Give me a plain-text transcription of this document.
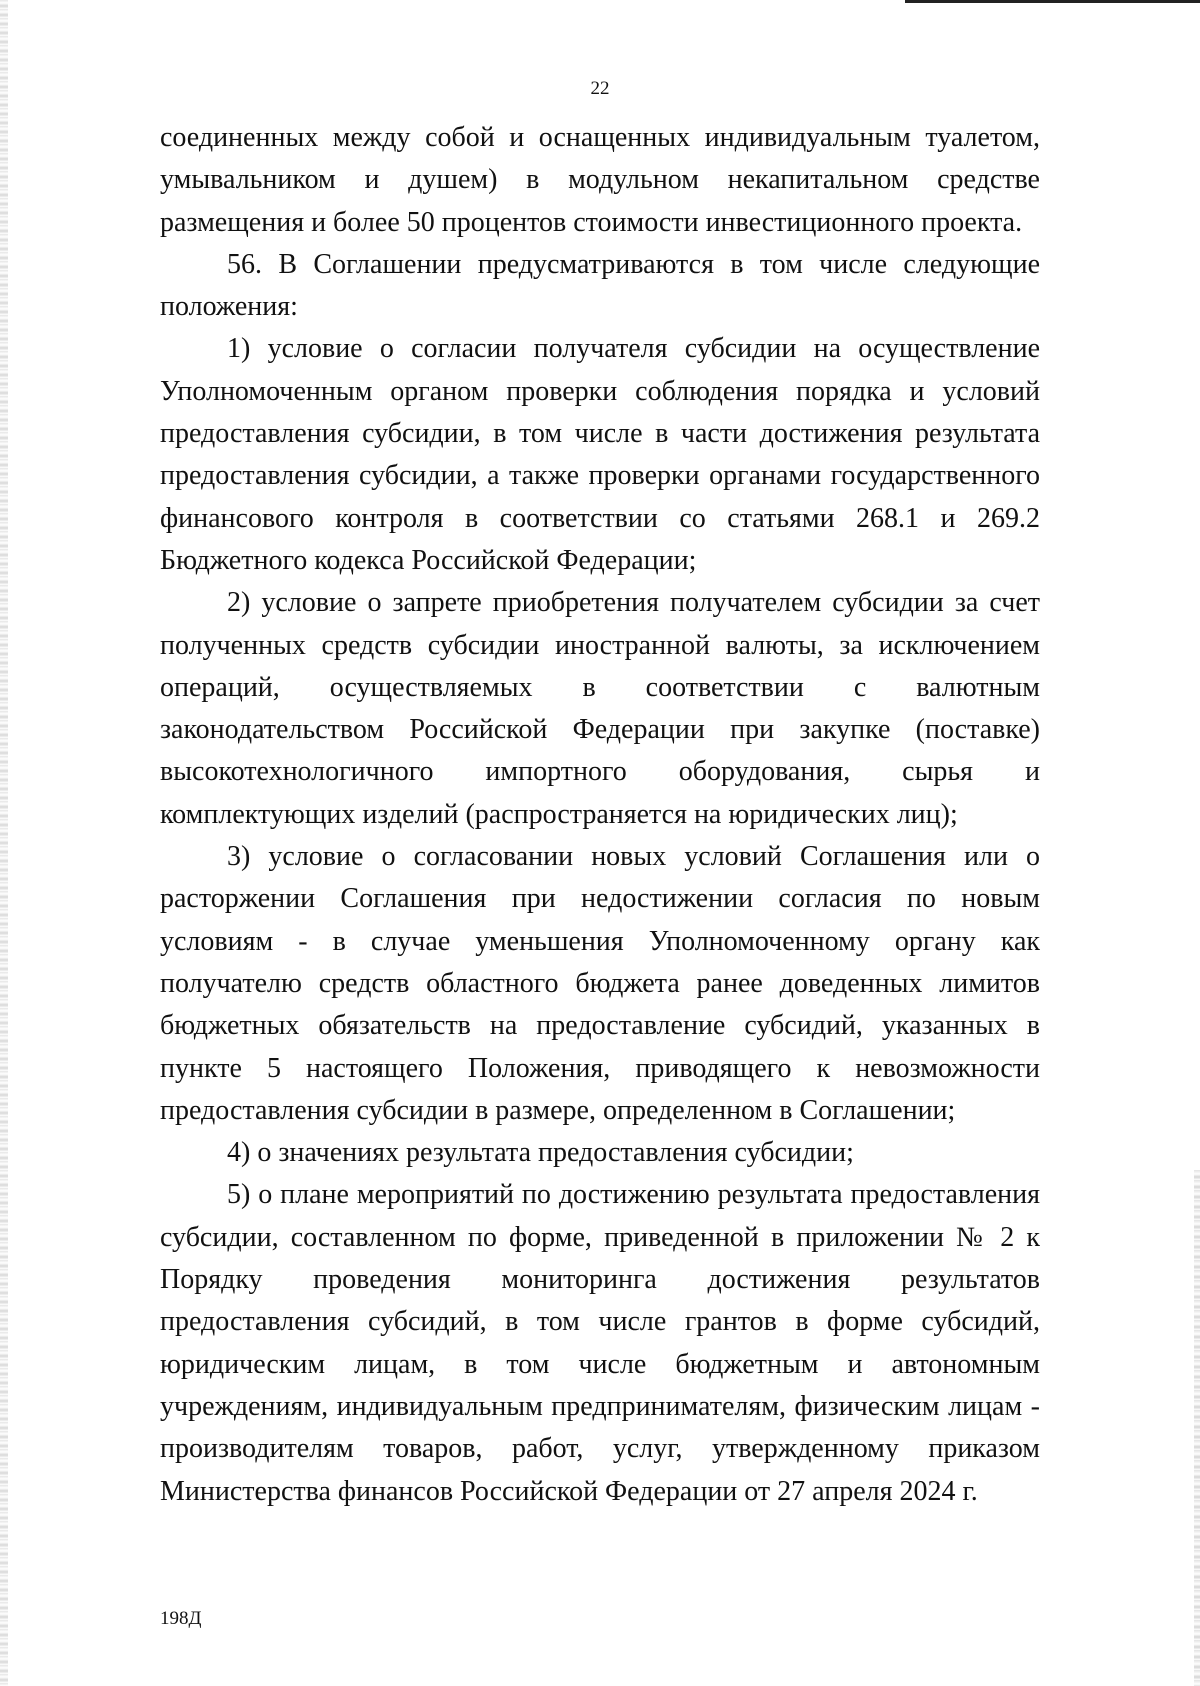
22

соединенных между собой и оснащенных индивидуальным туалетом, умывальником и душем) в модульном некапитальном средстве размещения и более 50 процентов стоимости инвестиционного проекта.

56. В Соглашении предусматриваются в том числе следующие положения:

1) условие о согласии получателя субсидии на осуществление Уполномоченным органом проверки соблюдения порядка и условий предоставления субсидии, в том числе в части достижения результата предоставления субсидии, а также проверки органами государственного финансового контроля в соответствии со статьями 268.1 и 269.2 Бюджетного кодекса Российской Федерации;

2) условие о запрете приобретения получателем субсидии за счет полученных средств субсидии иностранной валюты, за исключением операций, осуществляемых в соответствии с валютным законодательством Российской Федерации при закупке (поставке) высокотехнологичного импортного оборудования, сырья и комплектующих изделий (распространяется на юридических лиц);

3) условие о согласовании новых условий Соглашения или о расторжении Соглашения при недостижении согласия по новым условиям - в случае уменьшения Уполномоченному органу как получателю средств областного бюджета ранее доведенных лимитов бюджетных обязательств на предоставление субсидий, указанных в пункте 5 настоящего Положения, приводящего к невозможности предоставления субсидии в размере, определенном в Соглашении;

4) о значениях результата предоставления субсидии;

5) о плане мероприятий по достижению результата предоставления субсидии, составленном по форме, приведенной в приложении № 2 к Порядку проведения мониторинга достижения результатов предоставления субсидий, в том числе грантов в форме субсидий, юридическим лицам, в том числе бюджетным и автономным учреждениям, индивидуальным предпринимателям, физическим лицам - производителям товаров, работ, услуг, утвержденному приказом Министерства финансов Российской Федерации от 27 апреля 2024 г.

198Д
